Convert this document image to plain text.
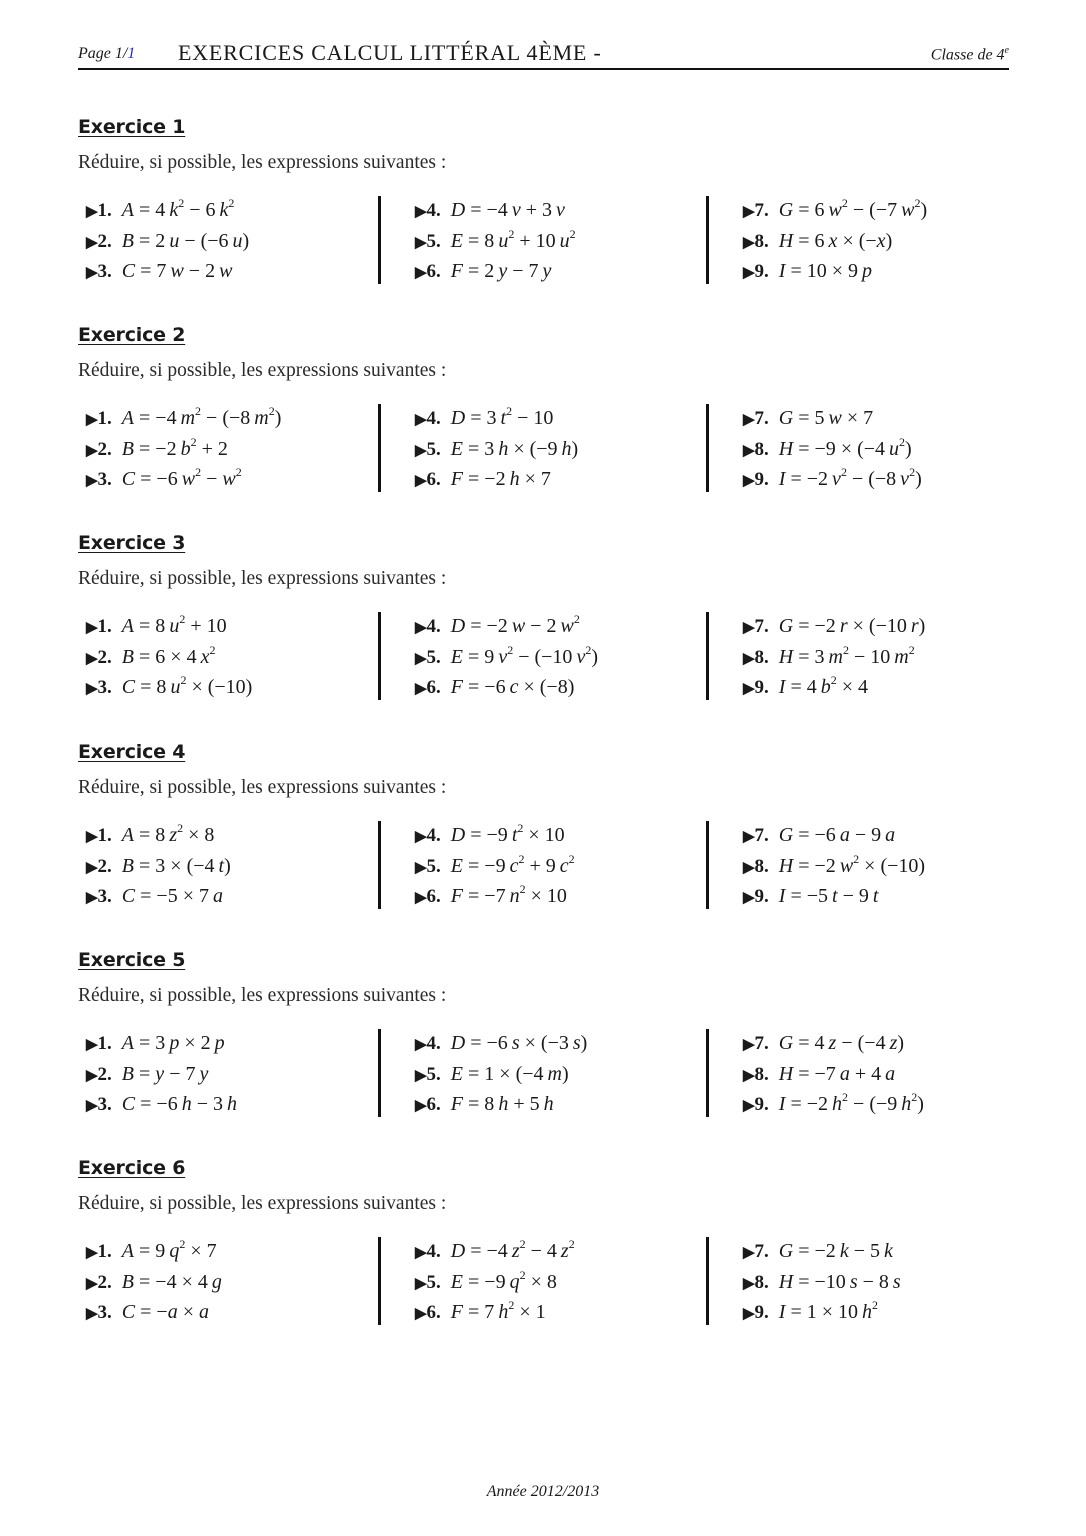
Page 1/1 EXERCICES CALCUL LITTÉRAL 4ÈME -	Classe de 4e
Exercice 1
Réduire, si possible, les expressions suivantes :
▶1. A = 4 $k^2 - 6$ $k^2$
▶2. B = 2 u − (−6 u)
▶3. C = 7 w − 2 w
▶4. D = −4 v + 3 v
▶5. E = 8 $u^2 + 10$ $u^2$
▶6. F = 2 y − 7 y
▶7. G = 6 $w^2 - (-7$ $w^2$)
▶8. H = 6 x × (−x)
▶9. I = 10 × 9 p
Exercice 2
Réduire, si possible, les expressions suivantes :
▶1. A = −4 $m^2 - (-8$ $m^2$)
▶2. B = −2 $b^2 + 2$
▶3. C = −6 $w^2 - w^2$
▶4. D = 3 $t^2 - 10$
▶5. E = 3 h × (−9 h)
▶6. F = −2 h × 7
▶7. G = 5 w × 7
▶8. H = −9 × (−4 $u^2$)
▶9. I = −2 $v^2 - (-8$ $v^2$)
Exercice 3
Réduire, si possible, les expressions suivantes :
▶1. A = 8 $u^2 + 10$
▶2. B = 6 × 4 $x^2$
▶3. C = 8 $u^2 \times (-10)$
▶4. D = −2 w − 2 $w^2$
▶5. E = 9 $v^2 - (-10$ $v^2$)
▶6. F = −6 c × (−8)
▶7. G = −2 r × (−10 r)
▶8. H = 3 $m^2 - 10$ $m^2$
▶9. I = 4 $b^2 \times 4$
Exercice 4
Réduire, si possible, les expressions suivantes :
▶1. A = 8 $z^2 \times 8$
▶2. B = 3 × (−4 t)
▶3. C = −5 × 7 a
▶4. D = −9 $t^2 \times 10$
▶5. E = −9 $c^2 + 9$ $c^2$
▶6. F = −7 $n^2 \times 10$
▶7. G = −6 a − 9 a
▶8. H = −2 $w^2 \times (-10)$
▶9. I = −5 t − 9 t
Exercice 5
Réduire, si possible, les expressions suivantes :
▶1. A = 3 p × 2 p
▶2. B = y − 7 y
▶3. C = −6 h − 3 h
▶4. D = −6 s × (−3 s)
▶5. E = 1 × (−4 m)
▶6. F = 8 h + 5 h
▶7. G = 4 z − (−4 z)
▶8. H = −7 a + 4 a
▶9. I = −2 $h^2 - (-9$ $h^2$)
Exercice 6
Réduire, si possible, les expressions suivantes :
▶1. A = 9 $q^2 \times 7$
▶2. B = −4 × 4 g
▶3. C = −a × a
▶4. D = −4 $z^2 - 4$ $z^2$
▶5. E = −9 $q^2 \times 8$
▶6. F = 7 $h^2 \times 1$
▶7. G = −2 k − 5 k
▶8. H = −10 s − 8 s
▶9. I = 1 × 10 $h^2$
Année 2012/2013
